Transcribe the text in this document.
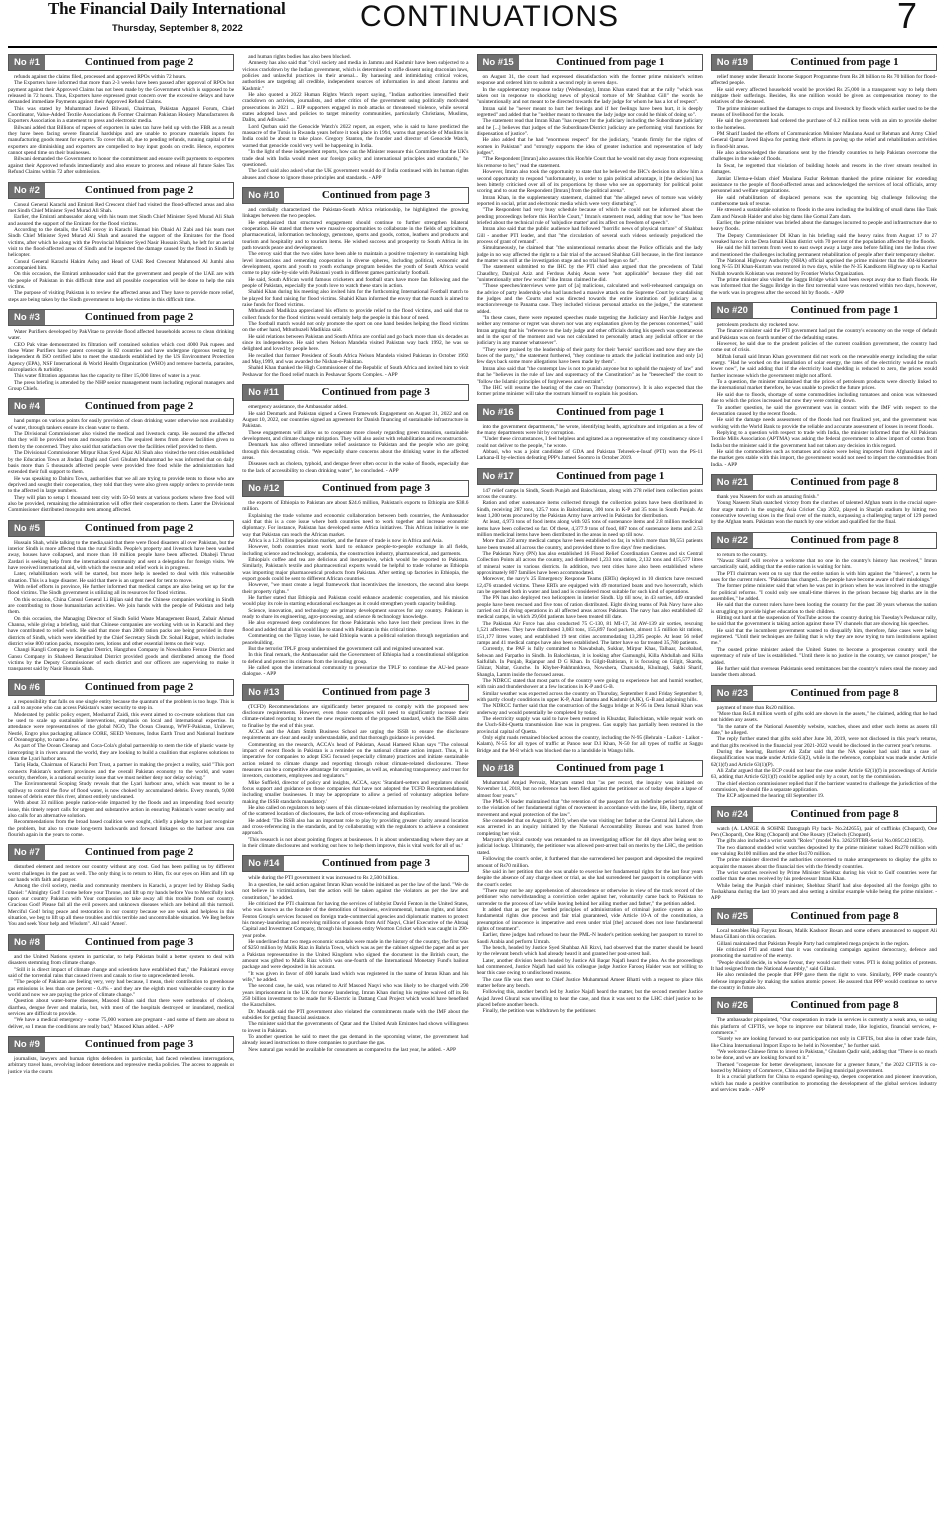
The Financial Daily International
Thursday, September 8, 2022	CONTINUATIONS	7
No #1	Continued from page 2

refunds against the claims filed, processed and approved RPOs within 72 hours.

The Exporters have informed that more than 2-3 weeks have been passed after approval of RPOs but payment against their Approved Claims has not been made by the Government which is supposed to be released in 72 hours. Thus, Exporters have expressed great concern over the excessive delays and have demanded immediate Payments against their Approved Refund Claims.

This was stated by Muhammad Jawed Bilwani, Chairman, Pakistan Apparel Forum, Chief Coordinator, Value-Added Textile Associations & Former Chairman Pakistan Hosiery Manufacturers & Exporters Association in a statement to press and electronic media.

Bilwani added that Billions of rupees of exporters in sales tax have held up with the FBR as a result they have been facing severe financial hardships and are unable to procure materials inputs for manufacturing goods meant for exports. To cover this all, due to pending refunds, running capital of the exporters are diminishing and exporters are compelled to buy input goods on credit. Hence, exporters cannot spend time on their businesses.

Bilwani demanded the Government to honor the commitment and ensure swift payments to exporters against their Approved refunds immediately and also ensure to process and release all future Sales Tax Refund Claims within 72 after submission.

No #2	Continued from page 2

Consul General Karachi and Emirati Red Crescent chief had visited the flood-affected areas and also met Sindh Chief Minister Syed Murad Ali Shah.

Earlier, the Emirati ambassador along with his team met Sindh Chief Minister Syed Murad Ali Shah and assured the support of the Emirate for the flood victims.

According to the details, the UAE envoy in Karachi Hamad bin Obaid Al Zabi and his team met Sindh Chief Minister Syed Murad Ali Shah and assured the support of the Emirates for the flood victims, after which he along with the Provincial Minister Syed Nasir Hussain Shah, he left for an aerial visit to the flood-affected areas of Sindh and he inspected the damage caused by the flood in Sindh by helicopter.

Consul General Karachi Hakim Ashq and Head of UAE Red Crescent Mahmood Al Jumhi also accompanied him.

On this occasion, the Emirati ambassador said that the government and people of the UAE are with the people of Pakistan in this difficult time and all possible cooperation will be done to help the rain victims.

The purpose of visiting Pakistan is to review the affected areas and They have to provide more relief, steps are being taken by the Sindh government to help the victims in this difficult time.

No #3	Continued from page 2

Water Purifiers developed by PakVitae to provide flood affected households access to clean drinking water.

CEO Pak vitae demonstrated its filtration self contained solution which cost 4000 Pak rupees and these Water Purifiers have patent coverage in 82 countries and have undergone rigorous testing by independent & ISO certified labs to meet the standards established by the US Environment Protection Agency (EPA), NSF International & World Health Organization (WHO) and remove bacteria, parasites, microplastics & turbidity.

This water filtration apparatus has the capacity to filter 15,000 litres of water in a year.

The press briefing is attended by the NHP senior management team including regional managers and Group Chiefs.

No #4	Continued from page 2

hand pumps on various points for easily provision of clean drinking water otherwise non availability of water, through tankers ensure its clean water to them.

The Divisional Commissioner also visited the medical and livestock camp. He assured the affected that they will be provided tents and mosquito nets. The required items from above facilities given to them by the concerned. They also said that satisfaction over the facilities relief provided to them.

The Divisional Commissioner Mirpur Khas Syed Aijaz Ali Shah also visited the tent cities established by the Education Town at Jindani Daghi and Gori Ghulam Muhammad he was informed that on daily basis more than 5 thousands affected people were provided free food while the administration had extended their full support to them.

He was speaking to Dahiru Town, authorities that we all are trying to provide tents to those who are deprived and sought their cooperation, they told that they were also given supply orders to provide tents to the affected in large numbers.

They will plan to setup 1 thousand tent city with 50-50 tents at various pockets where free food will also be provided, remaining the administration will offer their cooperation to them. Later the Divisional Commissioner distributed mosquito nets among affected.

No #5	Continued from page 2

Hussain Shah, while talking to the media,said that there were flood disasters all over Pakistan, but the interior Sindh is more affected than the rural Sindh. People's property and livestock have been washed away, houses have collapsed, and more than 10 million people have been affected. Dhabeji Thrust Zardari is seeking help from the international community and sent a delegation for foreign visits. We have received international aid, with which the rescue and relief work is in progress.

Later, rehabilitation work will be started, but more help is needed to deal with this vulnerable situation. This is a huge disaster. He said that there is an urgent need for tent to move.

With relief efforts in province, He further informed that medical camps are also being set up for the flood victims. The Sindh government is utilizing all its resources for flood victims.

On this occasion, China Consul General Li Bijian said that the Chinese companies working in Sindh are contributing to those humanitarian activities. We join hands with the people of Pakistan and help them.

On this occasion, the Managing Director of Sindh Solid Waste Management Board, Zubair Ahmad Channa, while giving a briefing, said that Chinese companies are working with us in Karachi and they have contributed to relief work. He said that more than 2800 ration packs are being provided in three districts of Sindh, which were identified by the Chief Secretary Sindh Dr. Sohail Rajput, which includes district wise 800 ration packs, mosquito nets, lotions and other essential items on their way.

Changi Kangli Company in Sanghar District, Hangzhou Company in Nowshahro Feroze District and Gansu Company in Shaheed Benazirabad District provided goods and distributed among the flood victims by the Deputy Commissioner of each district and our officers are supervising to make it transparent said by Nasir Hussain Shah.

No #6	Continued from page 2

a responsibility that falls on one single entity because the quantum of the problem is too huge. This is a call to anyone who can access Pakistan's water security to step in.

Moderated by public policy expert, Mosharraf Zaidi, this event aimed to co-create solutions that can be used to scale up sustainable interventions, emphasis on local and international expertise. In attendance were representatives of the global NGO, The Ocean Cleanup, WWF-Pakistan, Unilever, Nestlé, Engro plus packaging alliance CORE, SEED Ventures, Indus Earth Trust and National Institute of Oceanography, to name a few.

As part of The Ocean Cleanup and Coca-Cola's global partnership to stem the tide of plastic waste by intercepting it in rivers around the world, they are looking to build a coalition that explores solutions to clean the Lyari harbor area.

Tariq Hada, Chairman of Karachi Port Trust, a partner in making the project a reality, said "This port connects Pakistan's northern provinces and the overall Pakistan economy to the world, and water security, therefore, is a national security issue that we must neither deny nor delay solving."

The Environmental Scoping Study reveals that the Lyari harbour area, which was meant to be a spillway to control the flow of flood water, is now choked by accumulated debris. Every month, 9,000 tonnes of debris enter this river, almost entirely uncleaned.

With about 33 million people nation-wide impacted by the floods and an impending food security issue, this timely report calls for urgent and substantive action in ensuring Pakistan's water security and also calls for an alternative solution.

Recommendations from the broad based coalition were sought, chiefly a pledge to not just recognize the problem, but also to create long-term backwards and forward linkages so the harbour area can flourish again in the years to come.

No #7	Continued from page 2

disturbed element and restore our country without any cost. God has been pulling us by different worst challenges in the past as well. The only thing is to return to Him, fix our eyes on Him and lift up our hands with faith and prayer.

Among the civil society, media and community members in Karachi, a prayer led by Bishop Sadiq Daniel: "Almighty God! I come before your Throne, and lift up my hands before You to Mercifully look upon our country Pakistan with Your compassion to take away all this trouble from our country. Gracious God! Please fail all the evil powers and unknown diseases which are behind all this turmoil. Merciful God! bring peace and restoration in our country because we are weak and helpless in this situation, we beg to lift up all these troubles and this terrible and uncontrollable situation. We Beg before You and seek Your help and Wisdom". All said 'Amen'.

No #8	Continued from page 3

and the United Nations system in particular, to help Pakistan build a better system to deal with disasters stemming from climate change.

"Still it is direct impact of climate change and scientists have established that," the Pakistani envoy said of the torrential rains that caused rivers and canals to rise to unprecedented levels.

"The people of Pakistan are feeling very, very bad because, I mean, their contribution to greenhouse gas emissions is less than one percent - 0.4% - and they are the eighth most vulnerable country in the world and now we are paying the price of climate change."

Question about water-borne diseases, Masood Khan said that there were outbreaks of cholera, diarrhea, dengue fever and malaria, but, with most of the hospitals destroyed or inundated, medical services are difficult to provide.

"We have a medical emergency - some 75,000 women are pregnant - and some of them are about to deliver, so I mean the conditions are really bad," Masood Khan added. - APP

No #9	Continued from page 3

journalists, lawyers and human rights defenders in particular, had faced relentless interrogations, arbitrary travel bans, revolving indoor detentions and repressive media policies. The access to appeals or justice via the courts

and human rights bodies has also been blocked.

Amnesty has also said that "civil society and media in Jammu and Kashmir have been subjected to a vicious crackdown by the Indian government, which is determined to stifle dissent using draconian laws, policies and unlawful practices in their arsenal... By harassing and intimidating critical voices, authorities are targeting all credible, independent sources of information in and about Jammu and Kashmir."

He also quoted a 2022 Human Rights Watch report saying, "Indian authorities intensified their crackdown on activists, journalists, and other critics of the government using politically motivated prosecutions in 2021 ... BJP supporters engaged in mob attacks or threatened violence, while several states adopted laws and policies to target minority communities, particularly Christians, Muslims, Dalits, and Adivasis."

Lord Qurban said the Genocide Watch's 2022 report, an expert, who is said to have predicted the massacre of the Tutsis in Rwanda years before it took place in 1994, warns that genocide of Muslims in India could be about to take place. Gregory Stanton, the founder and director of Genocide Watch, warned that genocide could very well be happening in India.

"In the light of these independent reports, how can the Minister reassure this Committee that the UK's trade deal with India would meet our foreign policy and international principles and standards," he questioned.

The Lord said also asked what the UK government would do if India continued with its human rights abuses and chose to ignore those principles and standards. - APP

No #10	Continued from page 3

and cordially characterized the Pakistan-South Africa relationship, he highlighted the growing linkages between the two peoples.

He emphasized that structured engagement should continue to further strengthen bilateral cooperation. He stated that there were massive opportunities to collaborate in the fields of agriculture, pharmaceutical, information technology, gemstone, sports and goods, cotton, leathers and products and tourism and hospitality and to tourism items. He wished success and prosperity to South Africa in its path towards peace and development.

The envoy said that the two sides have been able to maintain a positive trajectory in sustaining high level interactions and cementing cooperation in diverse spheres, including political, economic and development, sports and youth to youth exchange program besides the youth of South Africa would come to play side-by-side with Pakistani youth in different games particularly football.

He said, South African world famous cricketers and football stars have more fan following and the people of Pakistan, especially the youth love to watch these stars in action.

Shahid Khan during his meeting also invited him for the forthcoming International Football match to be played for fund raising for flood victims. Shahid Khan informed the envoy that the match is aimed to raise funds for flood victims.

Mthuthuzeli Madikiza appreciated his efforts to provide relief to the flood victims, and said that to collect funds for the flood victims would certainly help the people in this hour of need.

The football match would not only promote the sport on one hand besides helping the flood victims on the other hand, Mthuthuzeli Madikiza said.

He said relations between Pakistan and South Africa are cordial and go back more than six decades as since its independence. He said when Nelson Mandela visited Pakistan way back 1992, he was so delighted and loved by people here.

He recalled that former President of South Africa Nelson Mandela visited Pakistan in October 1992 and May,1999, and was awarded the Nishan-e-Pakistan.

Shahid Khan thanked the High Commissioner of the Republic of South Africa and invited him to visit Peshawar for the flood relief match in Peshawar Sports Complex. - APP

No #11	Continued from page 3

emergency assistance, the Ambassador added.

He said Denmark and Pakistan signed a Green Framework Engagement on August 31, 2022 and on August 10, 2022, our countries signed an agreement for Danish financing of sustainable infrastructure in Pakistan.

These engagements will allow us to cooperate more closely regarding green transition, sustainable development, and climate change mitigation. They will also assist with rehabilitation and reconstruction.

Denmark has also offered immediate relief assistance to Pakistan and the people who are going through this devastating crisis. "We especially share concerns about the drinking water in the affected areas.

Diseases such as cholera, typhoid, and dengue fever often occur in the wake of floods, especially due to the lack of accessibility to clean drinking water", he concluded. - APP

No #12	Continued from page 3

the exports of Ethiopia to Pakistan are about $24.6 million, Pakistan's exports to Ethiopia are $38.6 million.

Explaining the trade volume and economic collaboration between both countries, the Ambassador said that this is a core issue where both countries need to work together and increase economic diplomacy. For instance, Pakistan has developed some Africa initiatives. This African initiative is one way that Pakistan can reach the African market.

Africa is a 1.2 billion population market, and the future of trade is now in Africa and Asia.

However, both countries must work hard to enhance people-to-people exchange in all fields, including science and technology, academia, the construction industry, pharmaceutical, and garments.

Ethiopia's coffee and tea are delicious and inexpensive, which would be exported to Pakistan. Similarly, Pakistan's textile and pharmaceutical exports would be helpful to trade volume as Ethiopia was importing major pharmaceutical products from Pakistan. After setting up factories in Ethiopia, the export goods could be sent to different African countries.

However, "we must create a legal framework that incentivizes the investors, the second also keeps their property rights."

He further stated that Ethiopia and Pakistan could enhance academic cooperation, and his mission would play its role in starting educational exchanges as it could strengthen youth capacity building.

Science, innovation, and technology are primary development sources for any country. Pakistan is ready to share its engineering, agro-processing, and science & technology knowledge.

He also expressed deep condolences for those Pakistanis who have lost their precious lives in the flood and added that all his would like to stand with Pakistan in this critical time.

Commenting on the Tigray issue, he said Ethiopia wants a political solution through negotiation and peacebuilding.

But the terrorist TPLF group undermined the government call and reignited unwanted war.

In this final remark, the Ambassador said the Government of Ethiopia had a constitutional obligation to defend and protect its citizens from the invading group.

He called upon the international community to pressurize the TPLF to continue the AU-led peace dialogue. - APP

No #13	Continued from page 3

(TCFD) Recommendations are significantly better prepared to comply with the proposed new disclosure requirements. However, even those companies will need to significantly increase their climate-related reporting to meet the new requirements of the proposed standard, which the ISSB aims to finalise by the end of this year.

ACCA and the Adam Smith Business School are urging the ISSB to ensure the disclosure requirements are clear and easily understandable, and that thorough guidance is provided.

Commenting on the research, ACCA's head of Pakistan, Assad Hameed Khan says "The colossal impact of recent floods in Pakistan is a reminder on the national climate action impact. Thus, it is imperative for companies to adopt ESG focused (especially climate) practices and initiate sustainable action related to climate change and reporting through robust climate-related disclosures. These measures can be a competitive advantage for companies, as well as, enhancing transparency and trust for investors, customers, employees and regulators."

Mike Suffield, director of policy and insights, ACCA, says: 'Standard-setters and regulators should focus support and guidance on those companies that have not adopted the TCFD Recommendations, including smaller businesses. It may be appropriate to allow a period of voluntary adoption before making the ISSB standards mandatory.'

He also called on regulators to help users of this climate-related information by resolving the problem of the scattered location of disclosures, the lack of cross-referencing and duplication.

He added: 'The ISSB also has an important role to play by providing greater clarity around location and cross-referencing in the standards, and by collaborating with the regulators to achieve a consistent approach.

'This research is not about pointing fingers at businesses. It is about understanding where they are at in their climate disclosures and working out how to help them improve, this is vital work for all of us.'

No #14	Continued from page 3

while during the PTI government it was increased to Rs 2,500 billion.

In a question, he said action against Imran Khan would be initiated as per the law of the land. "We do not believe in victimization, but the action will be taken against the violators as per the law and constitution," he added.

He criticized the PTI chairman for having the services of lobbyist David Fenton in the United States, who was known as the founder of the demolition of business, environmental, human rights, and labor. Fenton Group's services focused on foreign trade-commercial agencies and diplomatic matters to protect his money-laundering and receiving millions of pounds from Arif Naqvi, Chief Executive of the Abraaj Capital and Investment Company, through his business entity Wootton Cricket which was caught in 290-year probe.

He underlined that two mega economic scandals were made in the history of the country, the first was of $250 million by Malik Riaz in Bahria Town, which was as per the cabinet signed the paper and as per a Pakistan representative in the United Kingdom who signed the document in the British court, the amount was gifted to Malik Riaz which was one-fourth of the International Monetary Fund's bailout package and were deposited in his account.

"It was given in favor of 400 kanals land which was registered in the name of Imran Khan and his wife," he added.

The second case, he said, was related to Arif Masood Naqvi who was likely to be charged with 290 years imprisonment in the UK for money laundering. Imran Khan during his regime waived off its Rs 250 billion investment to be made for K-Electric in Dattang Coal Project which would have benefited the Karachiites.

Dr. Musadik said the PTI government also violated the commitments made with the IMF about the subsidies for getting financial assistance.

The minister said that the governments of Qatar and the United Arab Emirates had shown willingness to invest in Pakistan.

To another question he said to meet the gas demand in the upcoming winter, the government had already issued instructions to three companies to purchase the gas.

New natural gas would be available for consumers as compared to the last year, he added. - APP

No #15	Continued from page 1

on August 31, the court had expressed dissatisfaction with the former prime minister's written response and ordered him to submit a second reply in seven days.

In the supplementary response today (Wednesday), Imran Khan stated that at the rally "which was taken out in response to shocking news of physical torture of Mr Shahbaz Gill" the words he "unintentionally and not meant to be directed towards the lady judge for whom he has a lot of respect".

Imran said he "never meant to hurt her feelings and if her feelings have been hurt, it is deeply regretted" and added that he "neither meant to threaten the lady judge nor could he think of doing so".

The statement read that Imran Khan "has respect for the judiciary including the Subordinate judiciary and he [...] believes that judges of the Subordinate/District judiciary are performing vital functions for dispensation of justice".

He also added that he had "enormous respect" for the judiciary, "stands firmly for the rights of women in Pakistan" and "strongly supports the idea of greater induction and representation of lady judges".

"The Respondent [Imran] also assures this Hon'ble Court that he would not shy away from expressing his remorse to her," read the statement.

However, Imran also took the opportunity to state that he believed the IHC's decision to allow him a second opportunity to respond "unfortunately, in order to gain political advantage, it [the decision] has been bitterly criticised over all of its proportions by those who see an opportunity for political point scoring and to oust the Respondent [Imran] from the political arena".

Imran Khan, in the supplementary statement, claimed that "the alleged news of torture was widely reported in social, print and electronic media which were very disturbing".

"The Respondent had very busy schedule because of which he could not be informed about the pending proceedings before this Hon'ble Court," Imran's statement read, adding that now he "has been briefed about the technical rule of 'subjudice matter' and its affect on freedom of speech".

Imran also said that the public audience had followed "horrific news of physical torture" of Shahbaz Gill - another PTI leader, and that "the circulation of several such videos seriously prejudiced the process of grant of remand".

Simultaneously, he claimed that "the unintentional remarks about the Police officials and the lady judge in no way affected the right to a fair trial of the accused Shahbaz Gill because, in the first instance the matter was still at the investigation stage and no trial had begun so far".

The statement submitted to the IHC by the PTI chief also argued that the precedents of Talal Chaudhry, Daniyal Aziz and Ferdous Ashiq Awan were "not applicable" because they did not "unintentionally utter few words" like Imran claimed he did.

"Those speeches/interviews were part of [a] malicious, calculated and well-rehearsed campaign on the advice of party leadership who had launched a massive attack on the Supreme Court by scandalising the judges and the Courts and was directed towards the entire institution of judiciary as a reaction/revenge to Panama case. They included vicious personal attacks on the judges," the statement added.

"In these cases, there were repeated speeches made targeting the Judiciary and Hon'ble Judges and neither any remorse or regret was shown nor was any explanation given by the persons concerned," said Imran arguing that his "reference to the lady judge and other officials during his speech was spontaneous and in the spur of the moment and was not calculated to personally attack any judicial officer or the judiciary in any manner whatsoever".

"They were praised by the leadership of their party for their 'heroic' sacrifices and now they are the faces of the party," the statement furthered, "they continue to attack the judicial institution and only [a] few days back some more allegations have been made by them".

Imran also said that "the contempt law is not to punish anyone but to uphold the majesty of law" and that he "believes in the rule of law and supremacy of the Constitution" as he "beseeched" the court to "follow the Islamic principles of forgiveness and restraint".

The IHC will resume the hearing of the case on Thursday (tomorrow). It is also expected that the former prime minister will take the rostrum himself to explain his position.

No #16	Continued from page 1

into the government departments," he wrote, identifying health, agriculture and irrigation as a few of the many departments were hit by corruption.

"Under these circumstances, I feel helpless and agitated as a representative of my constituency since I could not deliver to the people," he wrote.

Abbasi, who was a joint candidate of GDA and Pakistan Tehreek-e-Insaf (PTI) won the PS-11 Larkana-II by-election defeating PPP's Jameel Soomro in October 2019.

No #17	Continued from page 1

147 relief camps in Sindh, South Punjab and Balochistan, along with 278 relief item collection points across the country.

Ration and other sustenance items collected through the collection points have been distributed in Sindh, receiving 287 tons, 125.7 tons in Balochistan, 300 tons in K-P and 35 tons in South Punjab. At least 1,200 tents procured by the Pakistan Army have arrived in Pakistan for distribution.

At least, 4,973 tons of food items along with 925 tons of sustenance items and 2.8 million medicinal items have been collected so far. Of these, 4,377.9 tons of food, 887 tons of sustenance items and 2.53 million medicinal items have been distributed in the areas in need up till now.

More than 250 army medical camps have been established so far, in which more than 98,551 patients have been treated all across the country, and provided three to five days' free medicines.

The Pakistan Navy (PN) has also established 16 Flood Relief Coordination Centres and six Central Collection Points all across the country, and distributed 1,233 tons ration, 2,132 tons and 415,577 litres of mineral water in various districts. In addition, two tent cities have also been established where approximately 807 families have been accommodated.

Moreover, the navy's 25 Emergency Response Teams (ERTs) deployed in 10 districts have rescued 12,476 stranded victims. These ERTs are equipped with 49 motorized boats and two hovercraft, which can be operated both in water and land and is considered most suitable for such kind of operations.

The PN has also deployed two helicopters in interior Sindh. Up till now, in 43 sorties, 449 stranded people have been rescued and five tons of ration distributed. Eight diving teams of Pak Navy have also carried out 24 diving operations in all affected areas across Pakistan. The navy has also established 42 medical camps, in which 29,604 patients have been treated till date.

The Pakistan Air Force has also conducted 75 C-130, 81 MI-17, 34 AW-139 air sorties, rescuing 1,521 affectees. They have distributed 3,083 tons, 155,897 food packets, almost 1.5 million kit rations, 151,177 litres water, and established 19 tent cities accommodating 13,295 people. At least 56 relief camps and 41 medical camps have also been established. The latter have so far treated 35,780 patients.

Currently, the PAF is fully committed to Nawabshah, Sukkur, Mirpur Khas, Talhaar, Jacobabad, Sehwan and Farpatho in Sindh. In Balochistan, it is looking after Gamunghi, Killa Abdullah and Killa Saifullah. In Punjab, Rajanpur and D G Khan. In Gilgit-Baltistan, it is focusing on Gilgit, Skardu, Ghizar, Naltar, Gunche. In Khyber-Pakhtunkhwa, Nowshera, Charsadda, Khulnagi, Sakhi Sharif, Shangla, Lamm inside the focused areas.

The NDRCC stated that most parts of the country were going to experience hot and humid weather, with rain and thundershower at a few locations in K-P and G-B.

Similar weather was expected across the country on Thursday, September 8 and Friday September 9, with partly cloudy conditions in upper K-P, Azad Jammu and Kashmir (AJK), G-B and adjoining hills.

The NDRCC further said that the construction of the Saggu bridge at N-95 in Dera Ismail Khan was underway and would potentially be completed by today.

The electricity supply was said to have been restored in Khuzdar, Balochistan, while repair work on the Uuch-Sibi-Quetta transmission line was in progress. Gas supply has partially been restored in the provincial capital of Quetta.

Only eight roads remained blocked across the country, including the N-95 (Behrain - Laikot - Laikot - Kalam), N-55 for all types of traffic at Panoo near D.I Khan, N-50 for all types of traffic at Saggu Bridge and the M-8 which was blocked due to a landslide in Wangu hills.

No #18	Continued from page 1

Muhammad Amjad Pervaiz, Maryam stated that "as per record, the inquiry was initiated on November 14, 2018, but no reference has been filed against the petitioner as of today despite a lapse of almost four years."

The PML-N leader maintained that "the retention of the passport for an indefinite period tantamount to the violation of her fundamental rights of movement in accordance with the law, life, liberty, right of movement and equal protection of the law".

She contended that on August 8, 2019, when she was visiting her father at the Central Jail Lahore, she was arrested in an inquiry initiated by the National Accountability Bureau and was barred from completing her visit.

Maryam's physical custody was remanded to an investigating officer for 48 days after being sent to judicial lockup. Ultimately, the petitioner was allowed post-arrest bail on merits by the LHC, the petition stated.

Following the court's order, it furthered that she surrendered her passport and deposited the required amount of Rs70 million.

She said in her petition that she was unable to exercise her fundamental rights for the last four years despite the absence of any charge sheet or trial, as she had surrendered her passport in compliance with the court's order.

"There may not be any apprehension of abscondence or otherwise in view of the track record of the petitioner who notwithstanding a conviction order against her, voluntarily came back to Pakistan to surrender to the process of law while leaving behind her ailing mother and father," the petition added.

It added that as per the "settled principles of administration of criminal justice system as also fundamental rights due process and fair trial guaranteed, vide Article 10-A of the constitution, a presumption of innocence is imperative and even under trial [the] accused does not lose fundamental rights of treatment".

Earlier, three judges had refused to hear the PML-N leader's petition seeking her passport to travel to Saudi Arabia and perform Umrah.

The bench, headed by Justice Syed Shahbaz Ali Rizvi, had observed that the matter should be heard by the relevant bench which had already heard it and granted her post-arrest bail.

Later, another division bench headed by Justice Ali Baqar Najafi heard the plea. As the proceedings had commenced, Justice Najafi had said his colleague judge Justice Farooq Haider was not willing to hear this case owing to undisclosed reasons.

The case file was then sent to Chief Justice Muhammad Ameer Bhatti with a request to place this matter before any bench.

Following this, another bench led by Justice Najafi heard the matter, but the second member Justice Asjad Javed Ghural was unwilling to hear the case, and thus it was sent to the LHC chief justice to be placed before another bench.

Finally, the petition was withdrawn by the petitioner.

No #19	Continued from page 1

relief money under Benazir Income Support Programme from Rs 28 billion to Rs 70 billion for flood-affected people.

He said every affected household would be provided Rs 25,000 in a transparent way to help them mitigate their sufferings. Besides, Rs one million would be given as compensation money to the relatives of the deceased.

The prime minister outlined the damages to crops and livestock by floods which earlier used to be the means of livelihood for the locals.

He said the government had ordered the purchase of 0.2 million tents with an aim to provide shelter to the homeless.

PM Sharif lauded the efforts of Communication Minister Maulana Asad ur Rehman and Army Chief General Qamar Javed Bajwa for putting their efforts in paving up the relief and rehabilitation activities in flood-hit areas.

He also acknowledged the donations sent by the friendly countries to help Pakistan overcome the challenges in the wake of floods.

In Swat, he regretted that violation of building hotels and resorts in the river stream resulted in damages.

Jamiat Ulema-e-Islam chief Maulana Fazlur Rehman thanked the prime minister for extending assistance to the people of flood-affected areas and acknowledged the services of local officials, army personnel and welfare organizations.

He said rehabilitation of displaced persons was the upcoming big challenge following the cumbersome task of rescue.

He stressed a sustainable solution to floods in the area including the building of small dams like Tank Zam and Nawab Haider and also big dams like Gomal Zam dam.

Earlier, the prime minister was briefed about the damages incurred to people and infrastructure due to heavy floods.

The Deputy Commissioner DI Khan in his briefing said the heavy rains from August 17 to 27 wreaked havoc in the Dera Ismail Khan district with 70 percent of the population affected by the floods.

He said the hill torrents from west to east swept away a large area before falling into the Indus river and mentioned the challenges including permanent rehabilitation of people after their temporary shelter.

The National Highway Authority (NHA) official apprised the prime minister that the 404-kilometre long N-55 DI Khan-Kurram was restored in two days, while the N-35 Kandkorm Highway up to Kachal Nullah towards Kohistan was restored by Frontier Works Organization.

The prime minister also visited the Saggu Bridge which had been swept away due to flash floods. He was informed that the Saggu Bridge in the first torrential wave was restored within two days, however, the work was in progress after the second hit by floods. - APP

No #20	Continued from page 1

petroleum products sky rocketed now.

The finance minister said the PTI government had put the country's economy on the verge of default and Pakistan was on fourth number of the defaulting states.

However, he said due to the prudent policies of the current coalition government, the country had come out of crisis.

Miftah Ismail said Imran Khan government did not work on the renewable energy including the solar energy. "Had he worked on the installation of solar energy, the rates of the electricity would be much lower now", he said adding that if the electricity load shedding is reduced to zero, the prices would further increase which the government might not afford.

To a question, the minister maintained that the prices of petroleum products were directly linked to the international market therefore, he was unable to predict the future prices.

He said due to floods, shortage of some commodities including tomatoes and onion was witnessed due to which the prices increased but now they were coming down.

To another question, he said the government was in contact with the IMF with respect to the devastation caused by the recent floods.

He said the damage needs assessment of the floods had not finalized yet, and the government was working with the World Bank to provide the reliable and accurate assessment of losses in recent floods.

Replying to a question with respect to trade with India, the minister informed that the All Pakistan Textile Mills Association (APTMA) was asking the federal government to allow import of cotton from India but the minister said it the government had not taken any decision in this regard.

He said the commodities such as tomatoes and onion were being imported from Afghanistan and if the market gets stable with this import, the government would not need to import the commodities from India. - APP

No #21	Continued from page 8

thank you Naseem for such an amazing finish."

Young Naseem Shah snatched victory from the clutches of talented Afghan team in the crucial super-four stage match in the ongoing Asia Cricket Cup 2022, played in Sharjah stadium by hitting two consecutive towering sixes in the final over of the match, surpassing a challenging target of 129 posted by the Afghan team. Pakistan won the match by one wicket and qualified for the final.

No #22	Continued from page 8

to return to the country.

"Nawaz Sharif will receive a welcome that no one in the country's history has received," Imran sarcastically said, adding that the entire nation is waiting for him.

The PTI chairman went on to say that the entire nation is with him against the "thieves", a term he uses for the current rulers. "Pakistan has changed... the people have become aware of their misdoings."

The former prime minister said that when he was put in prison when he was involved in the struggle for political reforms. "I could only see small-time thieves in the prison because big sharks are in the assemblies," he added.

He said that the current rulers have been looting the country for the past 30 years whereas the nation is struggling to provide higher education to their children.

Hitting out hard at the suspension of YouTube across the country during his Tuesday's Peshawar rally, he said that the government is taking action against those TV channels that are showing his speeches.

He said that the incumbent government wanted to disqualify him, therefore, fake cases were being registered. "Until their techniques are failing that is why they are now trying to turn institutions against me."

The ousted prime minister asked the United States to become a prosperous country until the supremacy of rule of law is established. "Until there is no justice in the country, we cannot prosper," he added.

He further said that overseas Pakistanis send remittances but the country's rulers steal the money and launder them abroad.

No #23	Continued from page 8

payment of more than Rs20 million.

"More than Rs5.8 million worth of gifts sold are shown in the assets," he claimed, adding that he had not hidden any assets.

"In the nature of the National Assembly website, watches, shoes and other such items as assets till date," he alleged.

The reply further stated that gifts sold after June 30, 2019, were not disclosed in this year's returns, and that gifts received in the financial year 2021-2022 would be disclosed in the current year's returns.

During the hearing, Barrister Ali Zafar said that the NA speaker had said that a case of disqualification was made under Article 63(2), while in the reference, complaint was made under Article 62(1)(f) and Article 63(1)(P).

Ali Zafar argued that the ECP could not hear the case under Article 62(1)(f) in proceedings of Article 63, adding that Article 62(1)(f) could be applied only by a court, not by the commission.

The chief election commissioner replied that if the barrister wanted to challenge the jurisdiction of the commission, he should file a separate application.

The ECP adjourned the hearing till September 19.

No #24	Continued from page 8

watch (A. LANGE & SOHNE Datograph Fly back- No.242655), pair of cufflinks (Chopard), One Pen (Chopard), One Ring (Chopard) and One Rosary (Cheloch (Chopard).

The gifts also included a wrist watch "Rolex" (model No. 326259TBR-Serial No.085C4218E3).

The two diamond studded wrist watches deposited by the prime minister valued Rs270 million with one valuing Rs100 million and the other Rs170 million.

The prime minister directed the authorities concerned to make arrangements to display the gifts to acquaint the masses about the financial ties with the friendly countries.

The wrist watches received by Prime Minister Shehbaz during his visit to Gulf countries were far costlier than the ones received by his predecessor Imran Khan.

While being the Punjab chief minister, Shehbaz Sharif had also deposited all the foreign gifts to Toshakhana during the last 10 years and also setting a similar example while being the prime minister. - APP

No #25	Continued from page 8

Local notables Haji Fayyaz Bosan, Malik Kashoor Bosan and some others announced to support Ali Musa Gillani on this occasion.

Gillani maintained that Pakistan People Party had completed mega projects in the region.

He criticized PTI and stated that it was continuing campaign against democracy, defence and promoting the narrative of the enemy.

"People should decide, in whose favour, they would cast their votes. PTI is doing politics of protests. It had resigned from the National Assembly," said Gillani.

He also reminded the people that PPP gave them the right to vote. Similarly, PPP made country's defense impregnable by making the nation atomic power. He assured that PPP would continue to serve the country in future also.

No #26	Continued from page 8

The ambassador pinpointed, "Our cooperation in trade in services is currently a weak area, so using this platform of CIFTIS, we hope to improve our bilateral trade, like logistics, financial services, e-commerce."

"Surely we are looking forward to our participation not only in CIFTIS, but also in other trade fairs, like China International Import Expo to be held in November," he further said.

"We welcome Chinese firms to invest in Pakistan," Ghulam Qadir said, adding that "There is so much to be done, and we are looking forward to it."

Themed "cooperate for better development, innovate for a greener future," the 2022 CIFTIS is co-hosted by Ministry of Commerce, China and the Beijing municipal government.

It is a crucial platform for China to expand opening-up, deepen cooperation and pioneer innovation, which has made a positive contribution to promoting the development of the global services industry and services trade. - APP
